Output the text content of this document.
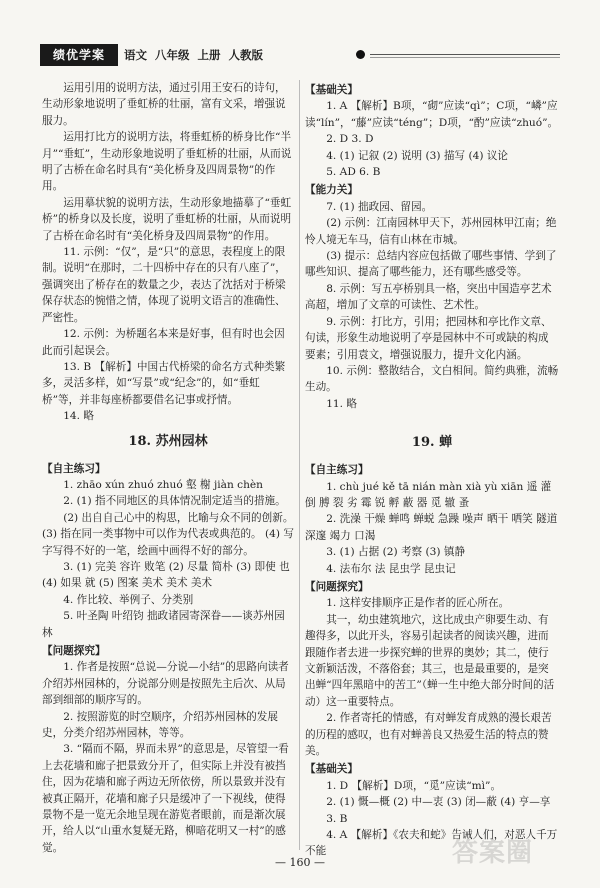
绩优学案	语文 八年级 上册 人教版

运用引用的说明方法，通过引用王安石的诗句，生动形象地说明了垂虹桥的壮丽，富有文采，增强说服力。

运用打比方的说明方法，将垂虹桥的桥身比作“半月”“垂虹”，生动形象地说明了垂虹桥的壮丽，从而说明了古桥在命名时具有“美化桥身及四周景物”的作用。

运用摹状貌的说明方法，生动形象地描摹了“垂虹桥”的桥身以及长度，说明了垂虹桥的壮丽，从而说明了古桥在命名时有“美化桥身及四周景物”的作用。

11. 示例：“仅”，是“只”的意思，表程度上的限制。说明“在那时，二十四桥中存在的只有八座了”，强调突出了桥存在的数量之少，表达了沈括对于桥梁保存状态的惋惜之情，体现了说明文语言的准确性、严密性。

12. 示例：为桥题名本来是好事，但有时也会因此而引起误会。

13. B 【解析】中国古代桥梁的命名方式种类繁多，灵活多样，如“写景”或“纪念”的，如“垂虹桥”等，并非每座桥都要借名记事或抒情。

14. 略

18. 苏州园林

【自主练习】

1. zhāo xún zhuó zhuó 壑 榭 jiàn chèn

2. (1) 指不同地区的具体情况制定适当的措施。

(2) 出自自己心中的构思，比喻与众不同的创新。 (3) 指在同一类事物中可以作为代表或典范的。 (4) 写字写得不好的一笔，绘画中画得不好的部分。

3. (1) 完美 容许 败笔 (2) 尽量 简朴 (3) 即使 也 (4) 如果 就 (5) 图案 美术 美术 美术

4. 作比较、举例子、分类别

5. 叶圣陶 叶绍钧 拙政诸园寄深眷——谈苏州园林

【问题探究】

1. 作者是按照“总说—分说—小结”的思路向读者介绍苏州园林的，分说部分则是按照先主后次、从局部到细部的顺序写的。

2. 按照游览的时空顺序，介绍苏州园林的发展史，分类介绍苏州园林，等等。

3. “隔而不隔，界而未界”的意思是，尽管望一看上去花墙和廊子把景致分开了，但实际上并没有被挡住，因为花墙和廊子两边无所依傍，所以景致并没有被真正隔开，花墙和廊子只是缓冲了一下视线，使得景物不是一览无余地呈现在游览者眼前，而是渐次展开，给人以“山重水复疑无路，柳暗花明又一村”的感觉。

【基础关】

1. A 【解析】B项，“砌”应读“qì”；C项，“嶙”应读“lín”，“藤”应读“téng”；D项，“酌”应读“zhuó”。

2. D 3. D

4. (1) 记叙 (2) 说明 (3) 描写 (4) 议论

5. AD 6. B

【能力关】

7. (1) 拙政园、留园。

(2) 示例：江南园林甲天下，苏州园林甲江南；绝怜人境无车马，信有山林在市城。

(3) 提示：总结内容应包括做了哪些事情、学到了哪些知识、提高了哪些能力，还有哪些感受等。

8. 示例：写五亭桥别具一格，突出中国造亭艺术高超，增加了文章的可读性、艺术性。

9. 示例：打比方，引用；把园林和亭比作文章、句读，形象生动地说明了亭是园林中不可或缺的构成要素；引用袁文，增强说服力，提升文化内涵。

10. 示例：整散结合，文白相间。简约典雅，流畅生动。

11. 略

19. 蝉

【自主练习】

1. chù jué kě tā nián màn xià yù xiān 遥 灌 倒 膊 裂 劣 霉 锐 孵 蔽 器 觅 辙 蚤

2. 洗澡 干燥 蝉鸣 蝉蜕 急躁 噪声 晒干 哂笑 隧道 深邃 竭力 口渴

3. (1) 占据 (2) 考察 (3) 镇静

4. 法布尔 法 昆虫学 昆虫记

【问题探究】

1. 这样安排顺序正是作者的匠心所在。

其一，幼虫建筑地穴，这比成虫产卵要生动、有趣得多，以此开头，容易引起读者的阅读兴趣，进而跟随作者去进一步探究蝉的世界的奥妙；其二，使行文新颖活泼，不落俗套；其三，也是最重要的，是突出蝉“四年黑暗中的苦工”（蝉一生中绝大部分时间的活动）这一重要特点。

2. 作者寄托的情感，有对蝉发育成熟的漫长艰苦的历程的感叹，也有对蝉善良又热爱生活的特点的赞美。

【基础关】

1. D 【解析】D项，“觅”应读“mì”。

2. (1) 慨—概 (2) 中—衷 (3) 闭—蔽 (4) 亨—享

3. B

4. A 【解析】《农夫和蛇》告诫人们，对恶人千万不能	答案圈
— 160 —
